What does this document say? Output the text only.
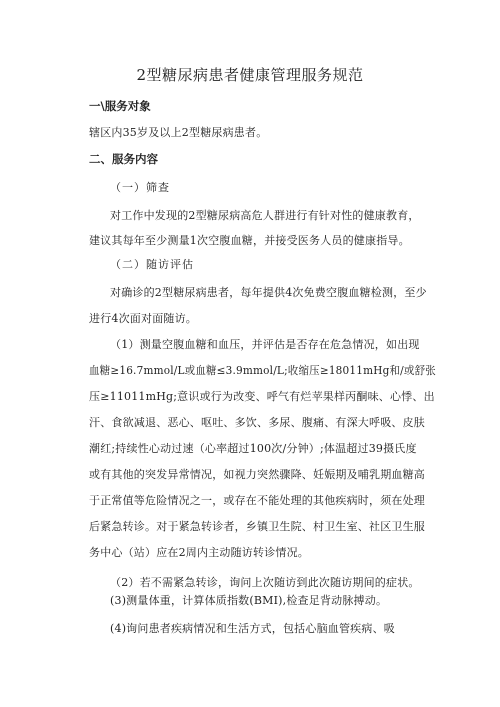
2型糖尿病患者健康管理服务规范
一\服务对象
辖区内35岁及以上2型糖尿病患者。
二、服务内容
（一）筛查
对工作中发现的2型糖尿病高危人群进行有针对性的健康教育，
建议其每年至少测量1次空腹血糖，并接受医务人员的健康指导。
（二）随访评估
对确诊的2型糖尿病患者，每年提供4次免费空腹血糖检测，至少
进行4次面对面随访。
（1）测量空腹血糖和血压，并评估是否存在危急情况，如出现
血糖≥16.7mmol/L或血糖≤3.9mmol/L;收缩压≥18011mHg和/或舒张
压≥11011mHg;意识或行为改变、呼气有烂苹果样丙酮味、心悸、出
汗、食欲减退、恶心、呕吐、多饮、多尿、腹痛、有深大呼吸、皮肤
潮红;持续性心动过速（心率超过100次/分钟）;体温超过39摄氏度
或有其他的突发异常情况，如视力突然骤降、妊娠期及哺乳期血糖高
于正常值等危险情况之一，或存在不能处理的其他疾病时，须在处理
后紧急转诊。对于紧急转诊者，乡镇卫生院、村卫生室、社区卫生服
务中心（站）应在2周内主动随访转诊情况。
（2）若不需紧急转诊，询问上次随访到此次随访期间的症状。
(3)测量体重，计算体质指数(BMI),检查足背动脉搏动。
(4)询问患者疾病情况和生活方式，包括心脑血管疾病、吸
